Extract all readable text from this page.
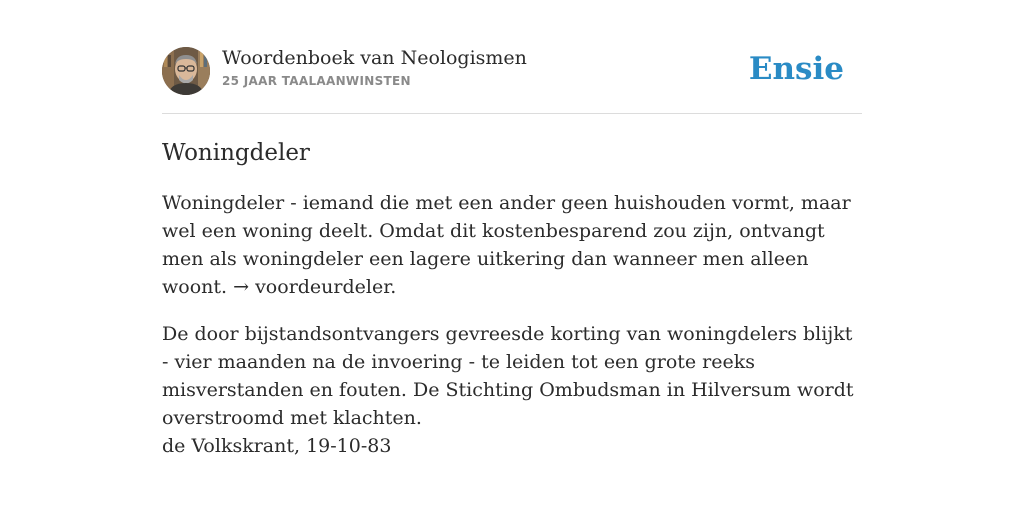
Woordenboek van Neologismen
25 JAAR TAALAANWINSTEN	Ensie
Woningdeler

Woningdeler - iemand die met een ander geen huishouden vormt, maar wel een woning deelt. Omdat dit kostenbesparend zou zijn, ontvangt men als woningdeler een lagere uitkering dan wanneer men alleen woont. → voordeurdeler.

De door bijstandsontvangers gevreesde korting van woningdelers blijkt - vier maanden na de invoering - te leiden tot een grote reeks misverstanden en fouten. De Stichting Ombudsman in Hilversum wordt overstroomd met klachten.
de Volkskrant, 19-10-83
